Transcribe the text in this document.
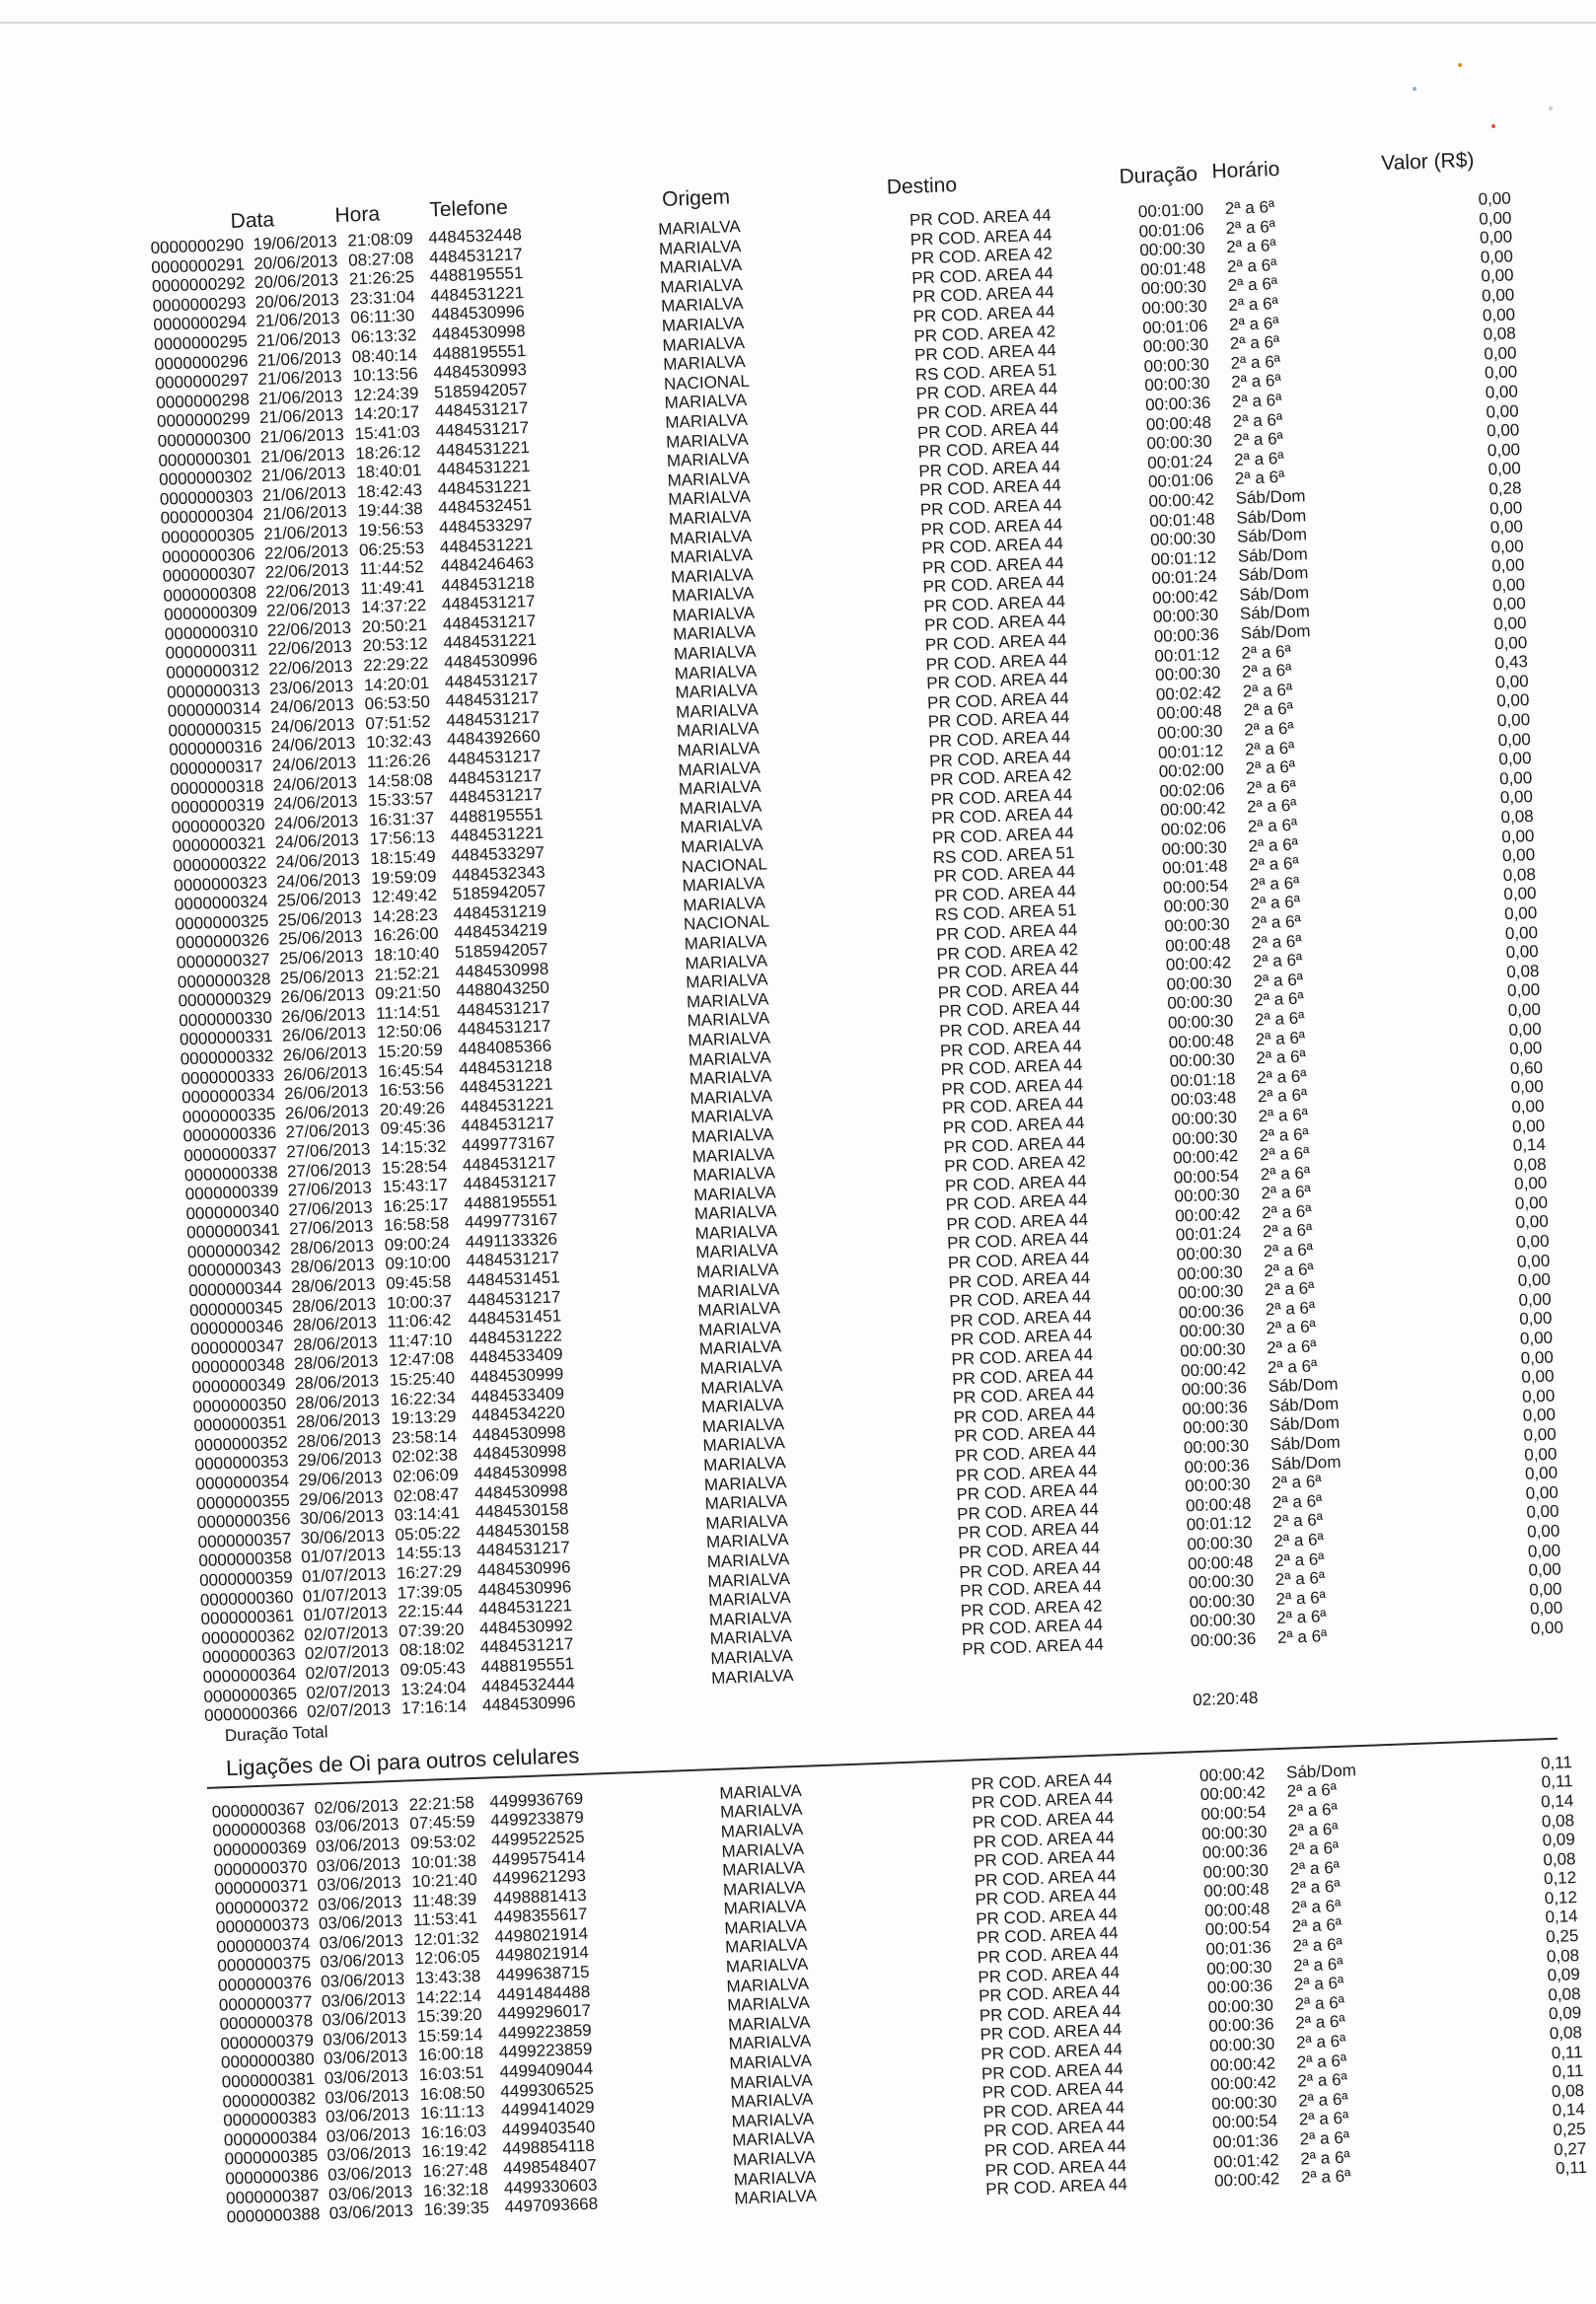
Data	Hora Telefone	Origem	Destino	Duração Horário	Valor (R$)
0000000290 19/06/2013 21:08:09 4484532448	MARIALVA	PR COD. AREA 44	00:01:00 2ª a 6ª	0,00
0000000291 20/06/2013 08:27:08 4484531217	MARIALVA	PR COD. AREA 44	00:01:06 2ª a 6ª	0,00
0000000292 20/06/2013 21:26:25 4488195551	MARIALVA	PR COD. AREA 42	00:00:30 2ª a 6ª	0,00
0000000293 20/06/2013 23:31:04 4484531221	MARIALVA	PR COD. AREA 44	00:01:48 2ª a 6ª	0,00
0000000294 21/06/2013 06:11:30 4484530996	MARIALVA	PR COD. AREA 44	00:00:30 2ª a 6ª	0,00
0000000295 21/06/2013 06:13:32 4484530998	MARIALVA	PR COD. AREA 44	00:00:30 2ª a 6ª	0,00
0000000296 21/06/2013 08:40:14 4488195551	MARIALVA	PR COD. AREA 42	00:01:06 2ª a 6ª	0,00
0000000297 21/06/2013 10:13:56 4484530993	MARIALVA	PR COD. AREA 44	00:00:30 2ª a 6ª	0,08
0000000298 21/06/2013 12:24:39 5185942057	NACIONAL	RS COD. AREA 51	00:00:30 2ª a 6ª	0,00
0000000299 21/06/2013 14:20:17 4484531217	MARIALVA	PR COD. AREA 44	00:00:30 2ª a 6ª	0,00
0000000300 21/06/2013 15:41:03 4484531217	MARIALVA	PR COD. AREA 44	00:00:36 2ª a 6ª	0,00
0000000301 21/06/2013 18:26:12 4484531221	MARIALVA	PR COD. AREA 44	00:00:48 2ª a 6ª	0,00
0000000302 21/06/2013 18:40:01 4484531221	MARIALVA	PR COD. AREA 44	00:00:30 2ª a 6ª	0,00
0000000303 21/06/2013 18:42:43 4484531221	MARIALVA	PR COD. AREA 44	00:01:24 2ª a 6ª	0,00
0000000304 21/06/2013 19:44:38 4484532451	MARIALVA	PR COD. AREA 44	00:01:06 2ª a 6ª	0,00
0000000305 21/06/2013 19:56:53 4484533297	MARIALVA	PR COD. AREA 44	00:00:42 Sáb/Dom	0,28
0000000306 22/06/2013 06:25:53 4484531221	MARIALVA	PR COD. AREA 44	00:01:48 Sáb/Dom	0,00
0000000307 22/06/2013 11:44:52 4484246463	MARIALVA	PR COD. AREA 44	00:00:30 Sáb/Dom	0,00
0000000308 22/06/2013 11:49:41 4484531218	MARIALVA	PR COD. AREA 44	00:01:12 Sáb/Dom	0,00
0000000309 22/06/2013 14:37:22 4484531217	MARIALVA	PR COD. AREA 44	00:01:24 Sáb/Dom	0,00
0000000310 22/06/2013 20:50:21 4484531217	MARIALVA	PR COD. AREA 44	00:00:42 Sáb/Dom	0,00
0000000311 22/06/2013 20:53:12 4484531221	MARIALVA	PR COD. AREA 44	00:00:30 Sáb/Dom	0,00
0000000312 22/06/2013 22:29:22 4484530996	MARIALVA	PR COD. AREA 44	00:00:36 Sáb/Dom	0,00
0000000313 23/06/2013 14:20:01 4484531217	MARIALVA	PR COD. AREA 44	00:01:12 2ª a 6ª	0,00
0000000314 24/06/2013 06:53:50 4484531217	MARIALVA	PR COD. AREA 44	00:00:30 2ª a 6ª	0,43
0000000315 24/06/2013 07:51:52 4484531217	MARIALVA	PR COD. AREA 44	00:02:42 2ª a 6ª	0,00
0000000316 24/06/2013 10:32:43 4484392660	MARIALVA	PR COD. AREA 44	00:00:48 2ª a 6ª	0,00
0000000317 24/06/2013 11:26:26 4484531217	MARIALVA	PR COD. AREA 44	00:00:30 2ª a 6ª	0,00
0000000318 24/06/2013 14:58:08 4484531217	MARIALVA	PR COD. AREA 44	00:01:12 2ª a 6ª	0,00
0000000319 24/06/2013 15:33:57 4484531217	MARIALVA	PR COD. AREA 42	00:02:00 2ª a 6ª	0,00
0000000320 24/06/2013 16:31:37 4488195551	MARIALVA	PR COD. AREA 44	00:02:06 2ª a 6ª	0,00
0000000321 24/06/2013 17:56:13 4484531221	MARIALVA	PR COD. AREA 44	00:00:42 2ª a 6ª	0,00
0000000322 24/06/2013 18:15:49 4484533297	MARIALVA	PR COD. AREA 44	00:02:06 2ª a 6ª	0,08
0000000323 24/06/2013 19:59:09 4484532343	NACIONAL	RS COD. AREA 51	00:00:30 2ª a 6ª	0,00
0000000324 25/06/2013 12:49:42 5185942057	MARIALVA	PR COD. AREA 44	00:01:48 2ª a 6ª	0,00
0000000325 25/06/2013 14:28:23 4484531219	MARIALVA	PR COD. AREA 44	00:00:54 2ª a 6ª	0,08
0000000326 25/06/2013 16:26:00 4484534219	NACIONAL	RS COD. AREA 51	00:00:30 2ª a 6ª	0,00
0000000327 25/06/2013 18:10:40 5185942057	MARIALVA	PR COD. AREA 44	00:00:30 2ª a 6ª	0,00
0000000328 25/06/2013 21:52:21 4484530998	MARIALVA	PR COD. AREA 42	00:00:48 2ª a 6ª	0,00
0000000329 26/06/2013 09:21:50 4488043250	MARIALVA	PR COD. AREA 44	00:00:42 2ª a 6ª	0,00
0000000330 26/06/2013 11:14:51 4484531217	MARIALVA	PR COD. AREA 44	00:00:30 2ª a 6ª	0,08
0000000331 26/06/2013 12:50:06 4484531217	MARIALVA	PR COD. AREA 44	00:00:30 2ª a 6ª	0,00
0000000332 26/06/2013 15:20:59 4484085366	MARIALVA	PR COD. AREA 44	00:00:30 2ª a 6ª	0,00
0000000333 26/06/2013 16:45:54 4484531218	MARIALVA	PR COD. AREA 44	00:00:48 2ª a 6ª	0,00
0000000334 26/06/2013 16:53:56 4484531221	MARIALVA	PR COD. AREA 44	00:00:30 2ª a 6ª	0,00
0000000335 26/06/2013 20:49:26 4484531221	MARIALVA	PR COD. AREA 44	00:01:18 2ª a 6ª	0,60
0000000336 27/06/2013 09:45:36 4484531217	MARIALVA	PR COD. AREA 44	00:03:48 2ª a 6ª	0,00
0000000337 27/06/2013 14:15:32 4499773167	MARIALVA	PR COD. AREA 44	00:00:30 2ª a 6ª	0,00
0000000338 27/06/2013 15:28:54 4484531217	MARIALVA	PR COD. AREA 44	00:00:30 2ª a 6ª	0,00
0000000339 27/06/2013 15:43:17 4484531217	MARIALVA	PR COD. AREA 42	00:00:42 2ª a 6ª	0,14
0000000340 27/06/2013 16:25:17 4488195551	MARIALVA	PR COD. AREA 44	00:00:54 2ª a 6ª	0,08
0000000341 27/06/2013 16:58:58 4499773167	MARIALVA	PR COD. AREA 44	00:00:30 2ª a 6ª	0,00
0000000342 28/06/2013 09:00:24 4491133326	MARIALVA	PR COD. AREA 44	00:00:42 2ª a 6ª	0,00
0000000343 28/06/2013 09:10:00 4484531217	MARIALVA	PR COD. AREA 44	00:01:24 2ª a 6ª	0,00
0000000344 28/06/2013 09:45:58 4484531451	MARIALVA	PR COD. AREA 44	00:00:30 2ª a 6ª	0,00
0000000345 28/06/2013 10:00:37 4484531217	MARIALVA	PR COD. AREA 44	00:00:30 2ª a 6ª	0,00
0000000346 28/06/2013 11:06:42 4484531451	MARIALVA	PR COD. AREA 44	00:00:30 2ª a 6ª	0,00
0000000347 28/06/2013 11:47:10 4484531222	MARIALVA	PR COD. AREA 44	00:00:36 2ª a 6ª	0,00
0000000348 28/06/2013 12:47:08 4484533409	MARIALVA	PR COD. AREA 44	00:00:30 2ª a 6ª	0,00
0000000349 28/06/2013 15:25:40 4484530999	MARIALVA	PR COD. AREA 44	00:00:30 2ª a 6ª	0,00
0000000350 28/06/2013 16:22:34 4484533409	MARIALVA	PR COD. AREA 44	00:00:42 2ª a 6ª	0,00
0000000351 28/06/2013 19:13:29 4484534220	MARIALVA	PR COD. AREA 44	00:00:36 Sáb/Dom	0,00
0000000352 28/06/2013 23:58:14 4484530998	MARIALVA	PR COD. AREA 44	00:00:36 Sáb/Dom	0,00
0000000353 29/06/2013 02:02:38 4484530998	MARIALVA	PR COD. AREA 44	00:00:30 Sáb/Dom	0,00
0000000354 29/06/2013 02:06:09 4484530998	MARIALVA	PR COD. AREA 44	00:00:30 Sáb/Dom	0,00
0000000355 29/06/2013 02:08:47 4484530998	MARIALVA	PR COD. AREA 44	00:00:36 Sáb/Dom	0,00
0000000356 30/06/2013 03:14:41 4484530158	MARIALVA	PR COD. AREA 44	00:00:30 2ª a 6ª	0,00
0000000357 30/06/2013 05:05:22 4484530158	MARIALVA	PR COD. AREA 44	00:00:48 2ª a 6ª	0,00
0000000358 01/07/2013 14:55:13 4484531217	MARIALVA	PR COD. AREA 44	00:01:12 2ª a 6ª	0,00
0000000359 01/07/2013 16:27:29 4484530996	MARIALVA	PR COD. AREA 44	00:00:30 2ª a 6ª	0,00
0000000360 01/07/2013 17:39:05 4484530996	MARIALVA	PR COD. AREA 44	00:00:48 2ª a 6ª	0,00
0000000361 01/07/2013 22:15:44 4484531221	MARIALVA	PR COD. AREA 44	00:00:30 2ª a 6ª	0,00
0000000362 02/07/2013 07:39:20 4484530992	MARIALVA	PR COD. AREA 42	00:00:30 2ª a 6ª	0,00
0000000363 02/07/2013 08:18:02 4484531217	MARIALVA	PR COD. AREA 44	00:00:30 2ª a 6ª	0,00
0000000364 02/07/2013 09:05:43 4488195551	MARIALVA	PR COD. AREA 44	00:00:36 2ª a 6ª	0,00
0000000365 02/07/2013 13:24:04 4484532444	MARIALVA
0000000366 02/07/2013 17:16:14 4484530996
Duração Total
02:20:48
Ligações de Oi para outros celulares
0000000367 02/06/2013 22:21:58 4499936769	MARIALVA	PR COD. AREA 44	00:00:42 Sáb/Dom	0,11
0000000368 03/06/2013 07:45:59 4499233879	MARIALVA	PR COD. AREA 44	00:00:42 2ª a 6ª	0,11
0000000369 03/06/2013 09:53:02 4499522525	MARIALVA	PR COD. AREA 44	00:00:54 2ª a 6ª	0,14
0000000370 03/06/2013 10:01:38 4499575414	MARIALVA	PR COD. AREA 44	00:00:30 2ª a 6ª	0,08
0000000371 03/06/2013 10:21:40 4499621293	MARIALVA	PR COD. AREA 44	00:00:36 2ª a 6ª	0,09
0000000372 03/06/2013 11:48:39 4498881413	MARIALVA	PR COD. AREA 44	00:00:30 2ª a 6ª	0,08
0000000373 03/06/2013 11:53:41 4498355617	MARIALVA	PR COD. AREA 44	00:00:48 2ª a 6ª	0,12
0000000374 03/06/2013 12:01:32 4498021914	MARIALVA	PR COD. AREA 44	00:00:48 2ª a 6ª	0,12
0000000375 03/06/2013 12:06:05 4498021914	MARIALVA	PR COD. AREA 44	00:00:54 2ª a 6ª	0,14
0000000376 03/06/2013 13:43:38 4499638715	MARIALVA	PR COD. AREA 44	00:01:36 2ª a 6ª	0,25
0000000377 03/06/2013 14:22:14 4491484488	MARIALVA	PR COD. AREA 44	00:00:30 2ª a 6ª	0,08
0000000378 03/06/2013 15:39:20 4499296017	MARIALVA	PR COD. AREA 44	00:00:36 2ª a 6ª	0,09
0000000379 03/06/2013 15:59:14 4499223859	MARIALVA	PR COD. AREA 44	00:00:30 2ª a 6ª	0,08
0000000380 03/06/2013 16:00:18 4499223859	MARIALVA	PR COD. AREA 44	00:00:36 2ª a 6ª	0,09
0000000381 03/06/2013 16:03:51 4499409044	MARIALVA	PR COD. AREA 44	00:00:30 2ª a 6ª	0,08
0000000382 03/06/2013 16:08:50 4499306525	MARIALVA	PR COD. AREA 44	00:00:42 2ª a 6ª	0,11
0000000383 03/06/2013 16:11:13 4499414029	MARIALVA	PR COD. AREA 44	00:00:42 2ª a 6ª	0,11
0000000384 03/06/2013 16:16:03 4499403540	MARIALVA	PR COD. AREA 44	00:00:30 2ª a 6ª	0,08
0000000385 03/06/2013 16:19:42 4498854118	MARIALVA	PR COD. AREA 44	00:00:54 2ª a 6ª	0,14
0000000386 03/06/2013 16:27:48 4498548407	MARIALVA	PR COD. AREA 44	00:01:36 2ª a 6ª	0,25
0000000387 03/06/2013 16:32:18 4499330603	MARIALVA	PR COD. AREA 44	00:01:42 2ª a 6ª	0,27
0000000388 03/06/2013 16:39:35 4497093668	MARIALVA	PR COD. AREA 44	00:00:42 2ª a 6ª	0,11
